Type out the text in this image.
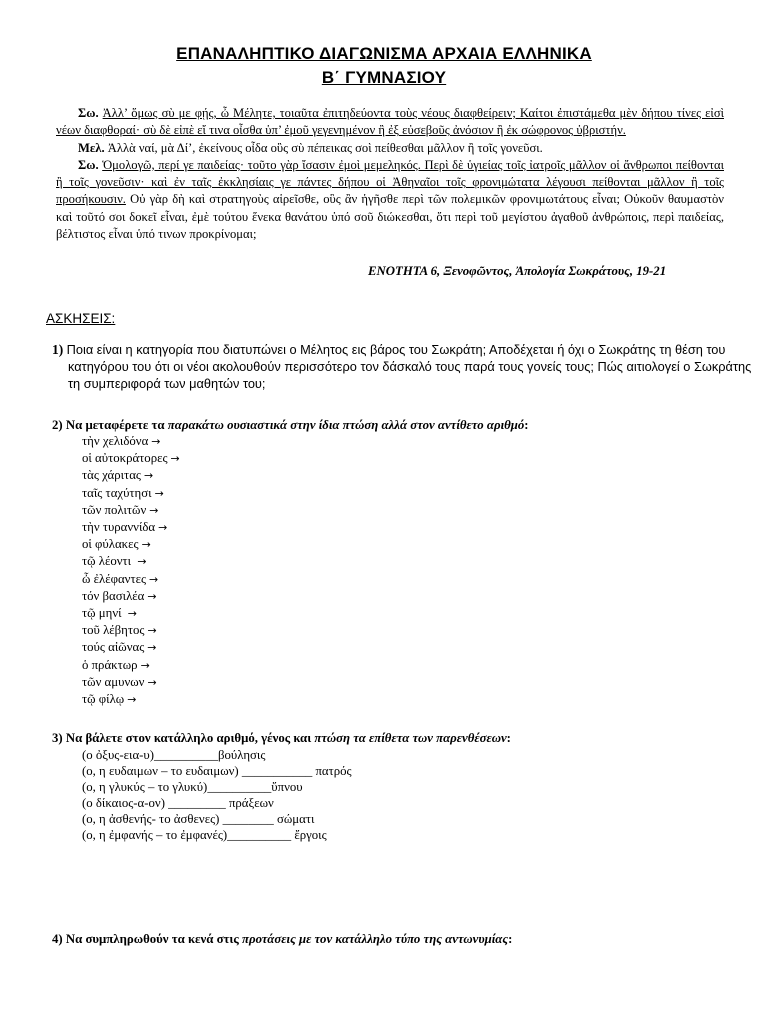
ΕΠΑΝΑΛΗΠΤΙΚΟ ΔΙΑΓΩΝΙΣΜΑ ΑΡΧΑΙΑ ΕΛΛΗΝΙΚΑ
Β΄ ΓΥΜΝΑΣΙΟΥ

Σω. Ἀλλ’ ὅμως σὺ με φῄς, ὦ Μέλητε, τοιαῦτα ἐπιτηδεύοντα τοὺς νέους διαφθείρειν; Καίτοι ἐπιστάμεθα μὲν δήπου τίνες εἰσὶ νέων διαφθοραί· σὺ δὲ εἰπὲ εἴ τινα οἶσθα ὑπ’ ἐμοῦ γεγενημένον ἢ ἐξ εὐσεβοῦς ἀνόσιον ἢ ἐκ σώφρονος ὑβριστήν.

Μελ. Ἀλλὰ ναί, μὰ Δί’, ἐκείνους οἶδα οὓς σὺ πέπεικας σοὶ πείθεσθαι μᾶλλον ἢ τοῖς γονεῦσι.

Σω. Ὁμολογῶ, περί γε παιδείας· τοῦτο γὰρ ἴσασιν ἐμοὶ μεμεληκός. Περὶ δὲ ὑγιείας τοῖς ἰατροῖς μᾶλλον οἱ ἄνθρωποι πείθονται ἢ τοῖς γονεῦσιν· καὶ ἐν ταῖς ἐκκλησίαις γε πάντες δήπου οἱ Ἀθηναῖοι τοῖς φρονιμώτατα λέγουσι πείθονται μᾶλλον ἢ τοῖς προσήκουσιν. Οὐ γὰρ δὴ καὶ στρατηγοὺς αἱρεῖσθε, οὓς ἂν ἡγῆσθε περὶ τῶν πολεμικῶν φρονιμωτάτους εἶναι; Οὐκοῦν θαυμαστὸν καὶ τοῦτό σοι δοκεῖ εἶναι, ἐμὲ τούτου ἕνεκα θανάτου ὑπό σοῦ διώκεσθαι, ὅτι περὶ τοῦ μεγίστου ἀγαθοῦ ἀνθρώποις, περὶ παιδείας, βέλτιστος εἶναι ὑπό τινων προκρίνομαι;

ΕΝΟΤΗΤΑ 6, Ξενοφῶντος, Ἀπολογία Σωκράτους, 19-21
ΑΣΚΗΣΕΙΣ:
1) Ποια είναι η κατηγορία που διατυπώνει ο Μέλητος εις βάρος του Σωκράτη; Αποδέχεται ή όχι ο Σωκράτης τη θέση του κατηγόρου του ότι οι νέοι ακολουθούν περισσότερο τον δάσκαλό τους παρά τους γονείς τους; Πώς αιτιολογεί ο Σωκράτης τη συμπεριφορά των μαθητών του;
2) Να μεταφέρετε τα παρακάτω ουσιαστικά στην ίδια πτώση αλλά στον αντίθετο αριθμό:
τὴν χελιδόνα →
οἱ αὐτοκράτορες →
τὰς χάριτας →
ταῖς ταχύτησι →
τῶν πολιτῶν →
τὴν τυραννίδα →
οἱ φύλακες →
τῷ λέοντι →
ὦ ἐλέφαντες →
τόν βασιλέα →
τῷ μηνί →
τοῦ λέβητος →
τούς αἰῶνας →
ὁ πράκτωρ →
τῶν αμυνων →
τῷ φίλῳ →
3) Να βάλετε στον κατάλληλο αριθμό, γένος και πτώση τα επίθετα των παρενθέσεων:
(ο ὀξυς-εια-υ)__________βούλησις
(ο, η ευδαιμων – το ευδαιμων) ___________ πατρός
(ο, η γλυκύς – το γλυκύ)__________ὕπνου
(ο δίκαιος-α-ον) _________ πράξεων
(ο, η ἀσθενής- το ἀσθενες) ________ σώματι
(ο, η ἐμφανής – το ἐμφανές)__________ ἔργοις
4) Να συμπληρωθούν τα κενά στις προτάσεις με τον κατάλληλο τύπο της αντωνυμίας:
